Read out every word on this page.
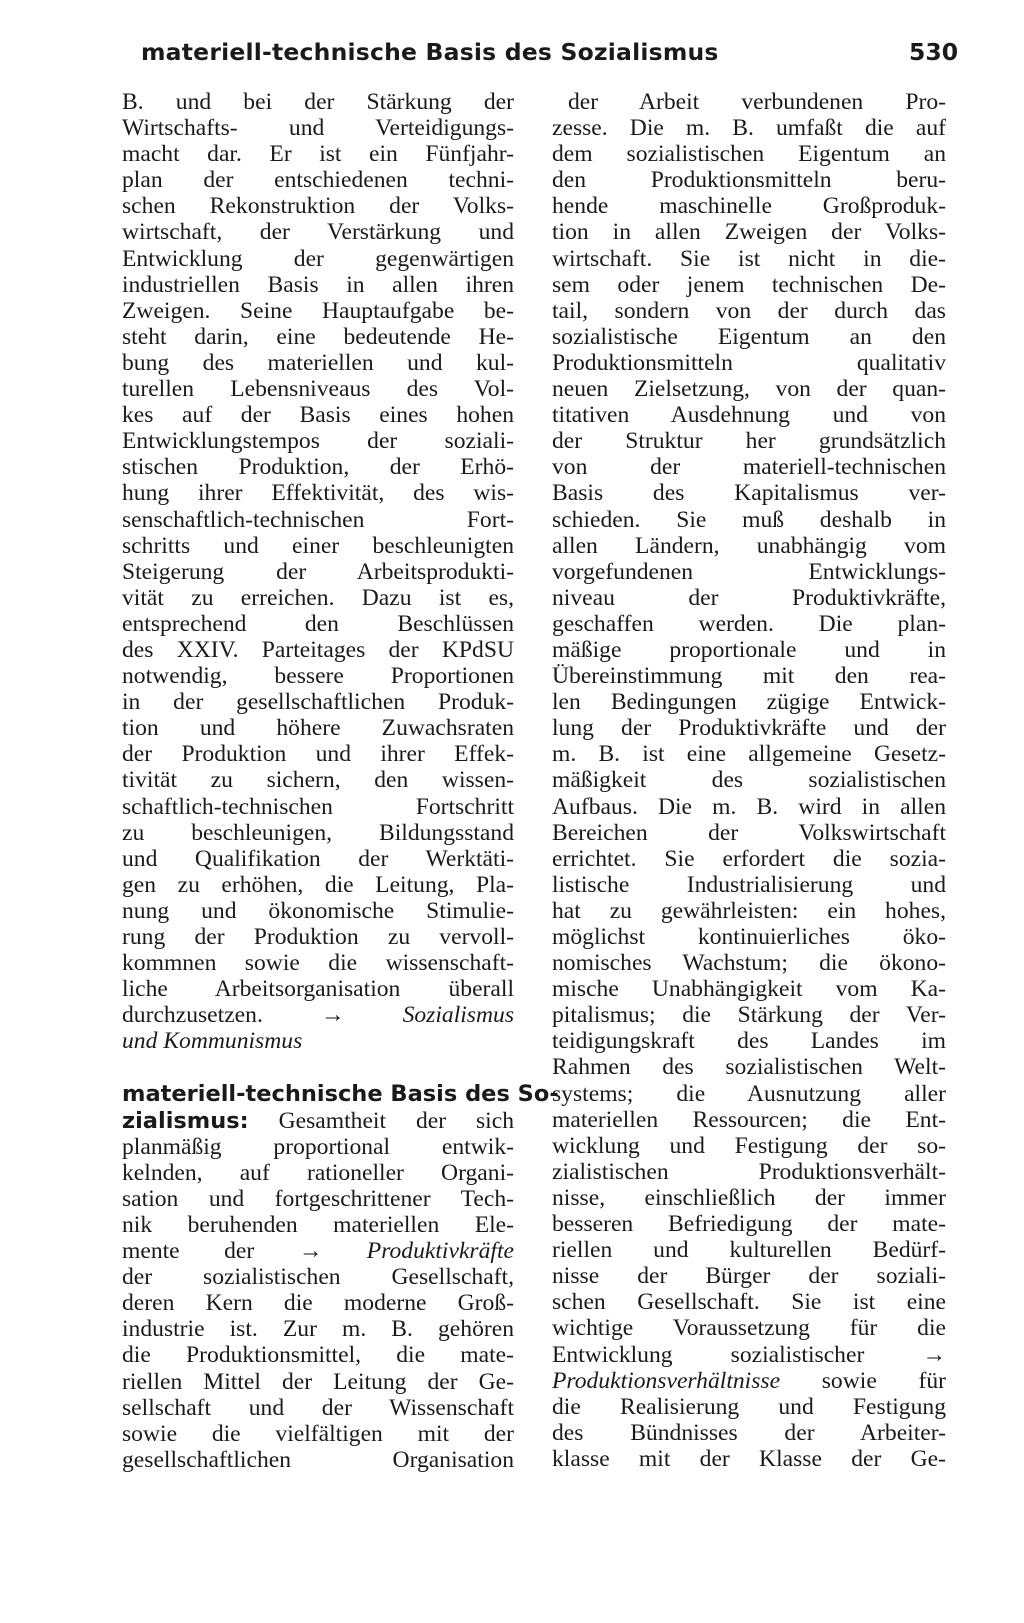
materiell-technische Basis des Sozialismus	530
B. und bei der Stärkung der
Wirtschafts- und Verteidigungs-
macht dar. Er ist ein Fünfjahr-
plan der entschiedenen techni-
schen Rekonstruktion der Volks-
wirtschaft, der Verstärkung und
Entwicklung der gegenwärtigen
industriellen Basis in allen ihren
Zweigen. Seine Hauptaufgabe be-
steht darin, eine bedeutende He-
bung des materiellen und kul-
turellen Lebensniveaus des Vol-
kes auf der Basis eines hohen
Entwicklungstempos der soziali-
stischen Produktion, der Erhö-
hung ihrer Effektivität, des wis-
senschaftlich-technischen Fort-
schritts und einer beschleunigten
Steigerung der Arbeitsprodukti-
vität zu erreichen. Dazu ist es,
entsprechend den Beschlüssen
des XXIV. Parteitages der KPdSU
notwendig, bessere Proportionen
in der gesellschaftlichen Produk-
tion und höhere Zuwachsraten
der Produktion und ihrer Effek-
tivität zu sichern, den wissen-
schaftlich-technischen Fortschritt
zu beschleunigen, Bildungsstand
und Qualifikation der Werktäti-
gen zu erhöhen, die Leitung, Pla-
nung und ökonomische Stimulie-
rung der Produktion zu vervoll-
kommnen sowie die wissenschaft-
liche Arbeitsorganisation überall
durchzusetzen. → Sozialismus
und Kommunismus
materiell-technische Basis des So-
zialismus: Gesamtheit der sich
planmäßig proportional entwik-
kelnden, auf rationeller Organi-
sation und fortgeschrittener Tech-
nik beruhenden materiellen Ele-
mente der → Produktivkräfte
der sozialistischen Gesellschaft,
deren Kern die moderne Groß-
industrie ist. Zur m. B. gehören
die Produktionsmittel, die mate-
riellen Mittel der Leitung der Ge-
sellschaft und der Wissenschaft
sowie die vielfältigen mit der
gesellschaftlichen Organisation
der Arbeit verbundenen Pro-
zesse. Die m. B. umfaßt die auf
dem sozialistischen Eigentum an
den Produktionsmitteln beru-
hende maschinelle Großproduk-
tion in allen Zweigen der Volks-
wirtschaft. Sie ist nicht in die-
sem oder jenem technischen De-
tail, sondern von der durch das
sozialistische Eigentum an den
Produktionsmitteln qualitativ
neuen Zielsetzung, von der quan-
titativen Ausdehnung und von
der Struktur her grundsätzlich
von der materiell-technischen
Basis des Kapitalismus ver-
schieden. Sie muß deshalb in
allen Ländern, unabhängig vom
vorgefundenen Entwicklungs-
niveau der Produktivkräfte,
geschaffen werden. Die plan-
mäßige proportionale und in
Übereinstimmung mit den rea-
len Bedingungen zügige Entwick-
lung der Produktivkräfte und der
m. B. ist eine allgemeine Gesetz-
mäßigkeit des sozialistischen
Aufbaus. Die m. B. wird in allen
Bereichen der Volkswirtschaft
errichtet. Sie erfordert die sozia-
listische Industrialisierung und
hat zu gewährleisten: ein hohes,
möglichst kontinuierliches öko-
nomisches Wachstum; die ökono-
mische Unabhängigkeit vom Ka-
pitalismus; die Stärkung der Ver-
teidigungskraft des Landes im
Rahmen des sozialistischen Welt-
systems; die Ausnutzung aller
materiellen Ressourcen; die Ent-
wicklung und Festigung der so-
zialistischen Produktionsverhält-
nisse, einschließlich der immer
besseren Befriedigung der mate-
riellen und kulturellen Bedürf-
nisse der Bürger der soziali-
schen Gesellschaft. Sie ist eine
wichtige Voraussetzung für die
Entwicklung sozialistischer →
Produktionsverhältnisse sowie für
die Realisierung und Festigung
des Bündnisses der Arbeiter-
klasse mit der Klasse der Ge-
